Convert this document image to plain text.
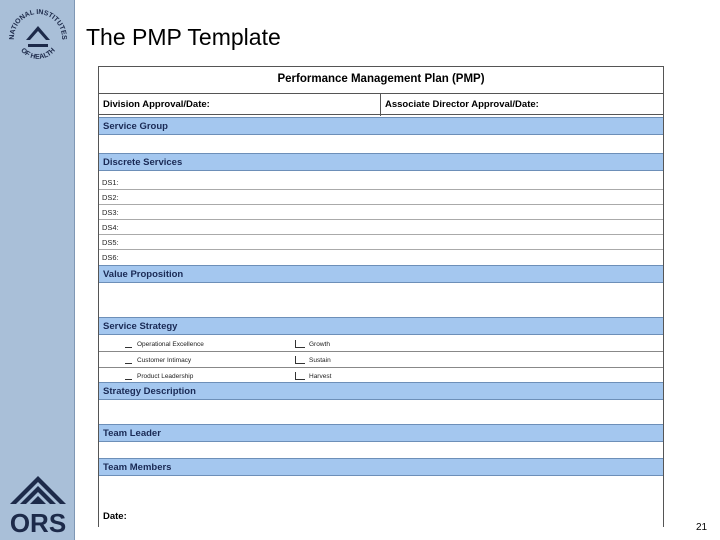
NATIONAL INSTITUTES
OF HEALTH
ORS
The PMP Template
Performance Management Plan (PMP)
Division Approval/Date:	Associate Director Approval/Date:
Service Group
Discrete Services
DS1:
DS2:
DS3:
DS4:
DS5:
DS6:
Value Proposition
Service Strategy
Operational Excellence
Customer Intimacy
Product Leadership
Growth
Sustain
Harvest
Strategy Description
Team Leader
Team Members
Date:
21
